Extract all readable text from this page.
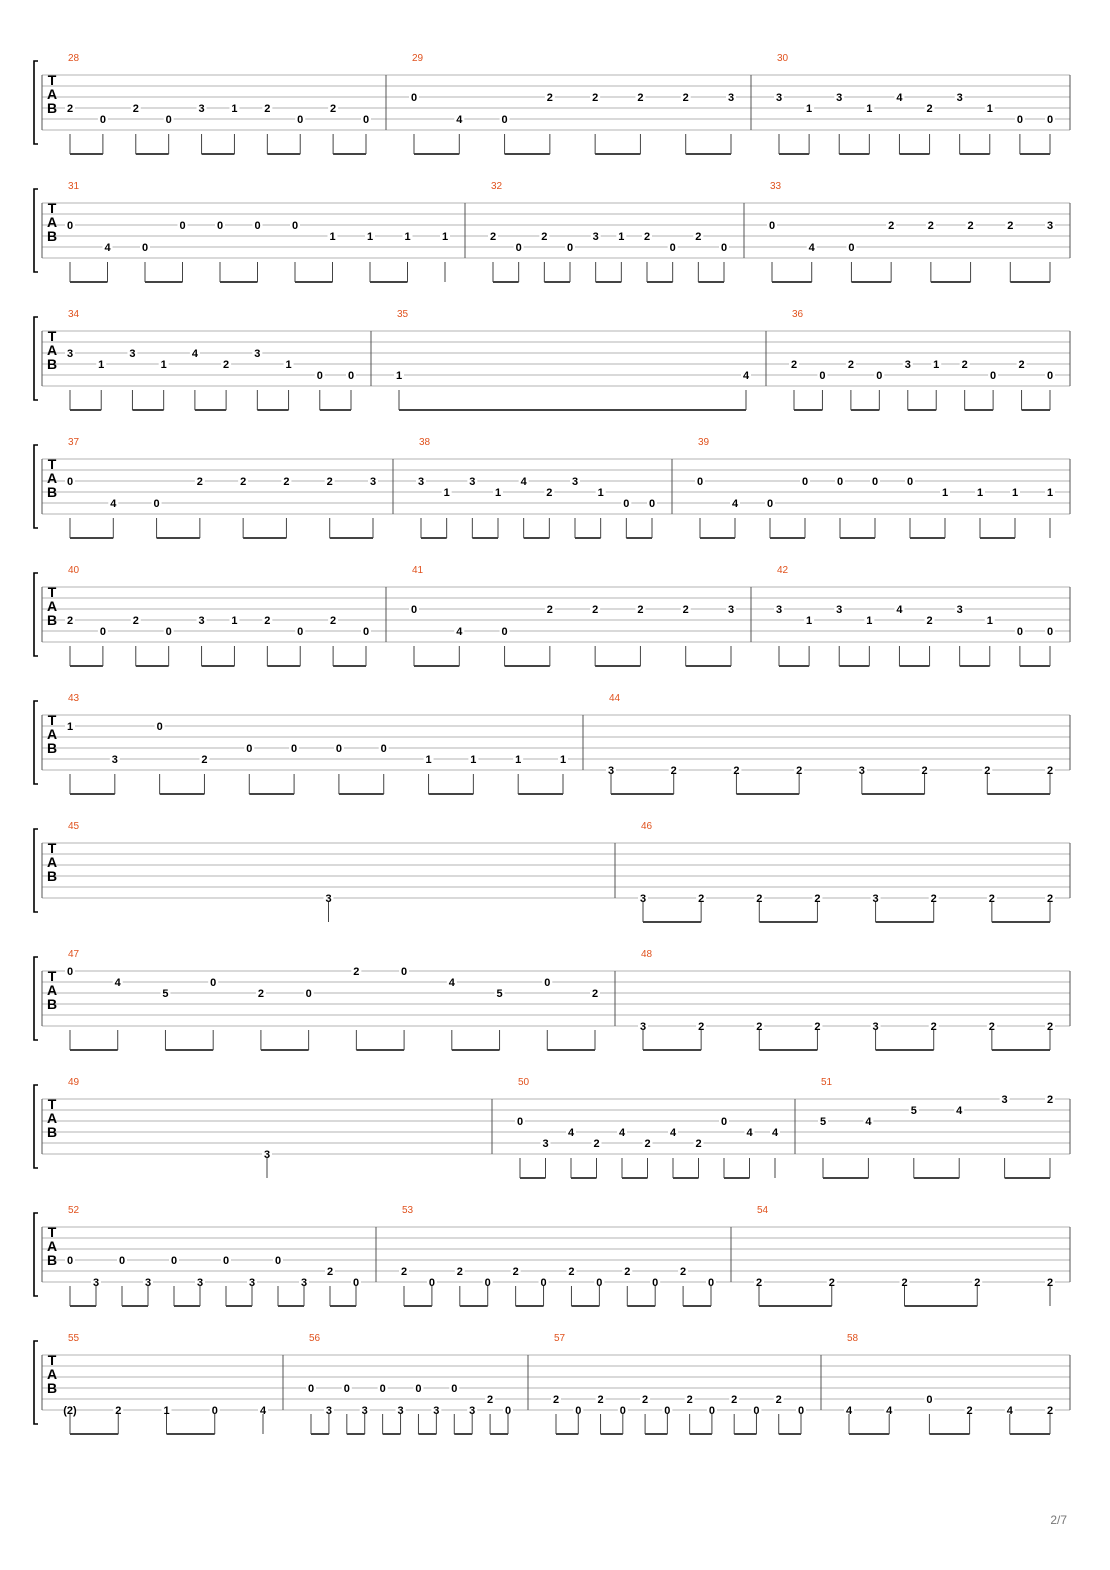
T
A
B
28
2
0
2
0
3 1 2
0
2
0
29
0
4	0
2	2	2	2	3
30
3
1
3
1
4
2
3
1
0 0
T
A
B
31
0
4	0
0	0	0	0
1	1	1	1
32
2
0
2
0
3 1 2
0
2
0
33
0
4	0
2	2	2	2	3
T
A
B
34
3
1
3
1
4
2
3
1
0 0
35
1	4
36
2
0
2
0
3 1 2
0
2
0
T
A
B
37
0
4	0
2	2	2	2	3
38
3
1
3
1
4
2
3
1
0 0
39
0
4	0
0	0	0	0
1	1	1	1
T
A
B
40
2
0
2
0
3 1 2
0
2
0
41
0
4	0
2	2	2	2	3
42
3
1
3
1
4
2
3
1
0 0
T
A
B
43
1
3
0
2
0	0	0	0
1	1	1	1
44
3	2	2	2	3	2	2	2
T
A
B
45
3
46
3	2	2	2	3	2	2	2
T
A
B
47
0
4
5
0
2	0
2	0
4
5
0
2
48
3	2	2	2	3	2	2	2
T
A
B
49
3
50
0
3
4
2
4
2
4
2
0
4 4
51
5	4
5	4
3	2
T
A
B
52
0
3
0
3
0
3
0
3
0
3
2
0
53
2
0
2
0
2
0
2
0
2
0
2
0
54
2	2	2	2	2
T
A
B
55
(2)	2	1	0	4
56
0
3
0
3
0
3
0
3
0
3
2
0
57
2
0
2
0
2
0
2
0
2
0
2
0
58
4	4
0
2	4	2
2/7
